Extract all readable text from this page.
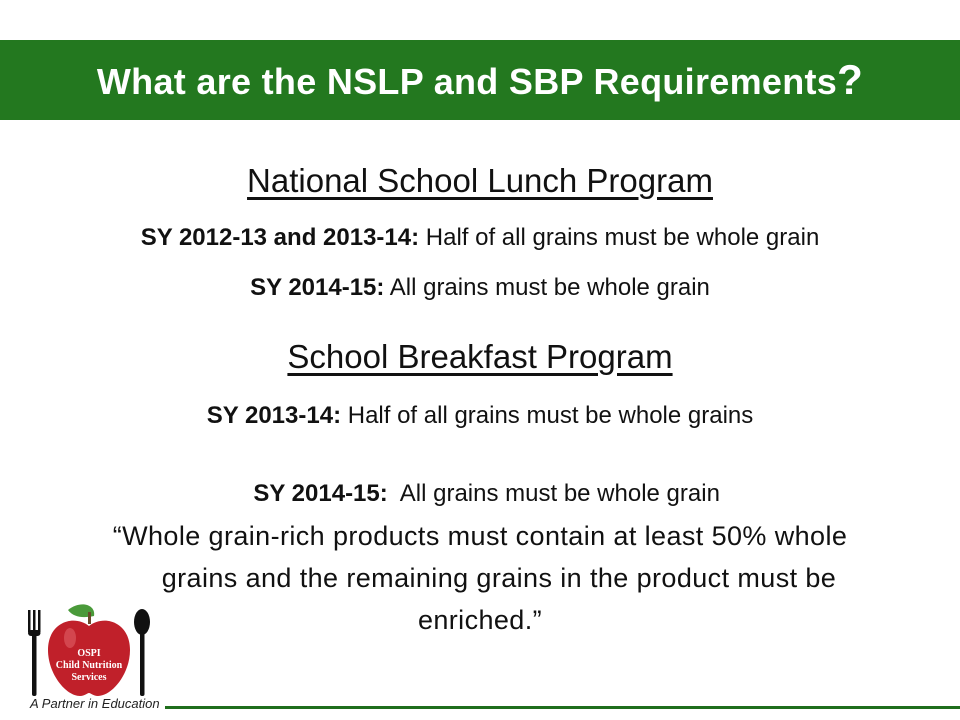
What are the NSLP and SBP Requirements?
National School Lunch Program
SY 2012-13 and 2013-14: Half of all grains must be whole grain
SY 2014-15: All grains must be whole grain
School Breakfast Program
SY 2013-14: Half of all grains must be whole grains

SY 2014-15:  All grains must be whole grain

“Whole grain-rich products must contain at least 50% whole
grains and the remaining grains in the product must be
enriched.”
OSPI
Child Nutrition
Services
A Partner in Education
